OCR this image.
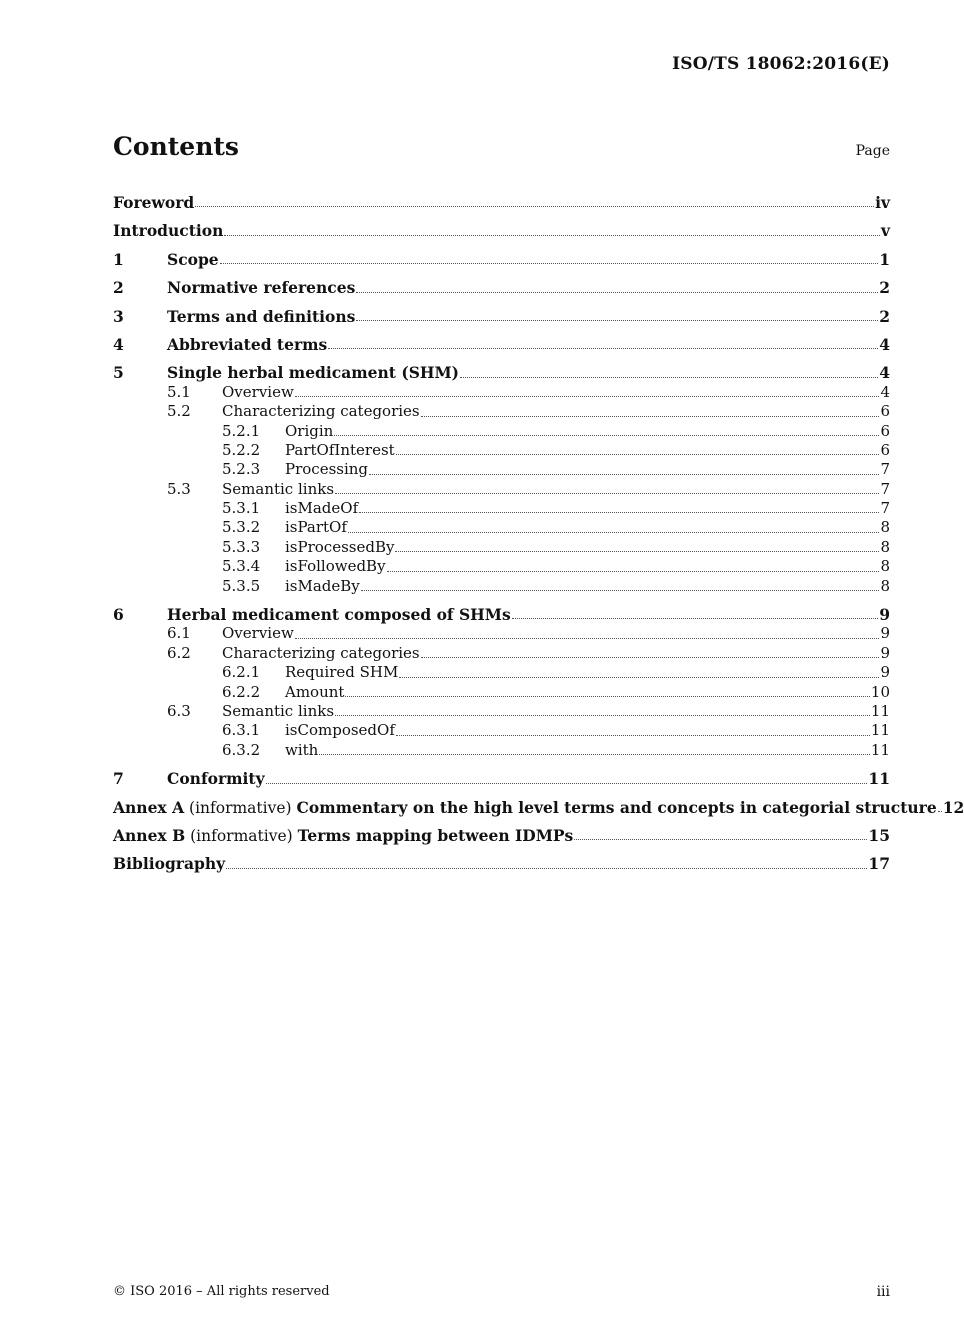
ISO/TS 18062:2016(E)
Contents	Page
Foreword	iv
Introduction	v
1	Scope	1
2	Normative references	2
3	Terms and definitions	2
4	Abbreviated terms	4
5	Single herbal medicament (SHM)	4
5.1	Overview	4
5.2	Characterizing categories	6
5.2.1	Origin	6
5.2.2	PartOfInterest	6
5.2.3	Processing	7
5.3	Semantic links	7
5.3.1	isMadeOf	7
5.3.2	isPartOf	8
5.3.3	isProcessedBy	8
5.3.4	isFollowedBy	8
5.3.5	isMadeBy	8
6	Herbal medicament composed of SHMs	9
6.1	Overview	9
6.2	Characterizing categories	9
6.2.1	Required SHM	9
6.2.2	Amount	10
6.3	Semantic links	11
6.3.1	isComposedOf	11
6.3.2	with	11
7	Conformity	11
Annex A (informative) Commentary on the high level terms and concepts in categorial structure 12
Annex B (informative) Terms mapping between IDMPs	15
Bibliography	17
© ISO 2016 – All rights reserved	iii
